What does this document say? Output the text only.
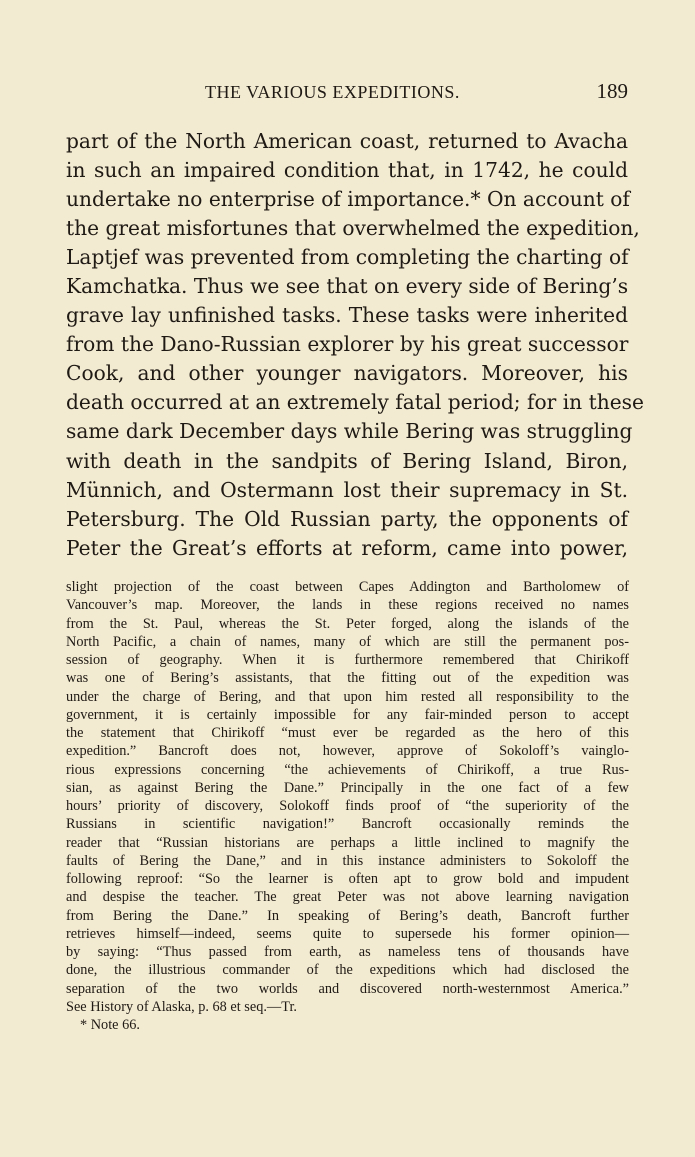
THE VARIOUS EXPEDITIONS.	189
part of the North American coast, returned to Avacha
in such an impaired condition that, in 1742, he could
undertake no enterprise of importance.* On account of
the great misfortunes that overwhelmed the expedition,
Laptjef was prevented from completing the charting of
Kamchatka. Thus we see that on every side of Bering’s
grave lay unfinished tasks. These tasks were inherited
from the Dano-Russian explorer by his great successor
Cook, and other younger navigators. Moreover, his
death occurred at an extremely fatal period; for in these
same dark December days while Bering was struggling
with death in the sandpits of Bering Island, Biron,
Münnich, and Ostermann lost their supremacy in St.
Petersburg. The Old Russian party, the opponents of
Peter the Great’s efforts at reform, came into power,
slight projection of the coast between Capes Addington and Bartholomew of
Vancouver’s map. Moreover, the lands in these regions received no names
from the St. Paul, whereas the St. Peter forged, along the islands of the
North Pacific, a chain of names, many of which are still the permanent pos-
session of geography. When it is furthermore remembered that Chirikoff
was one of Bering’s assistants, that the fitting out of the expedition was
under the charge of Bering, and that upon him rested all responsibility to the
government, it is certainly impossible for any fair-minded person to accept
the statement that Chirikoff “must ever be regarded as the hero of this
expedition.” Bancroft does not, however, approve of Sokoloff’s vainglo-
rious expressions concerning “the achievements of Chirikoff, a true Rus-
sian, as against Bering the Dane.” Principally in the one fact of a few
hours’ priority of discovery, Solokoff finds proof of “the superiority of the
Russians in scientific navigation!” Bancroft occasionally reminds the
reader that “Russian historians are perhaps a little inclined to magnify the
faults of Bering the Dane,” and in this instance administers to Sokoloff the
following reproof: “So the learner is often apt to grow bold and impudent
and despise the teacher. The great Peter was not above learning navigation
from Bering the Dane.” In speaking of Bering’s death, Bancroft further
retrieves himself—indeed, seems quite to supersede his former opinion—
by saying: “Thus passed from earth, as nameless tens of thousands have
done, the illustrious commander of the expeditions which had disclosed the
separation of the two worlds and discovered north-westernmost America.”
See History of Alaska, p. 68 et seq.—Tr.
* Note 66.
